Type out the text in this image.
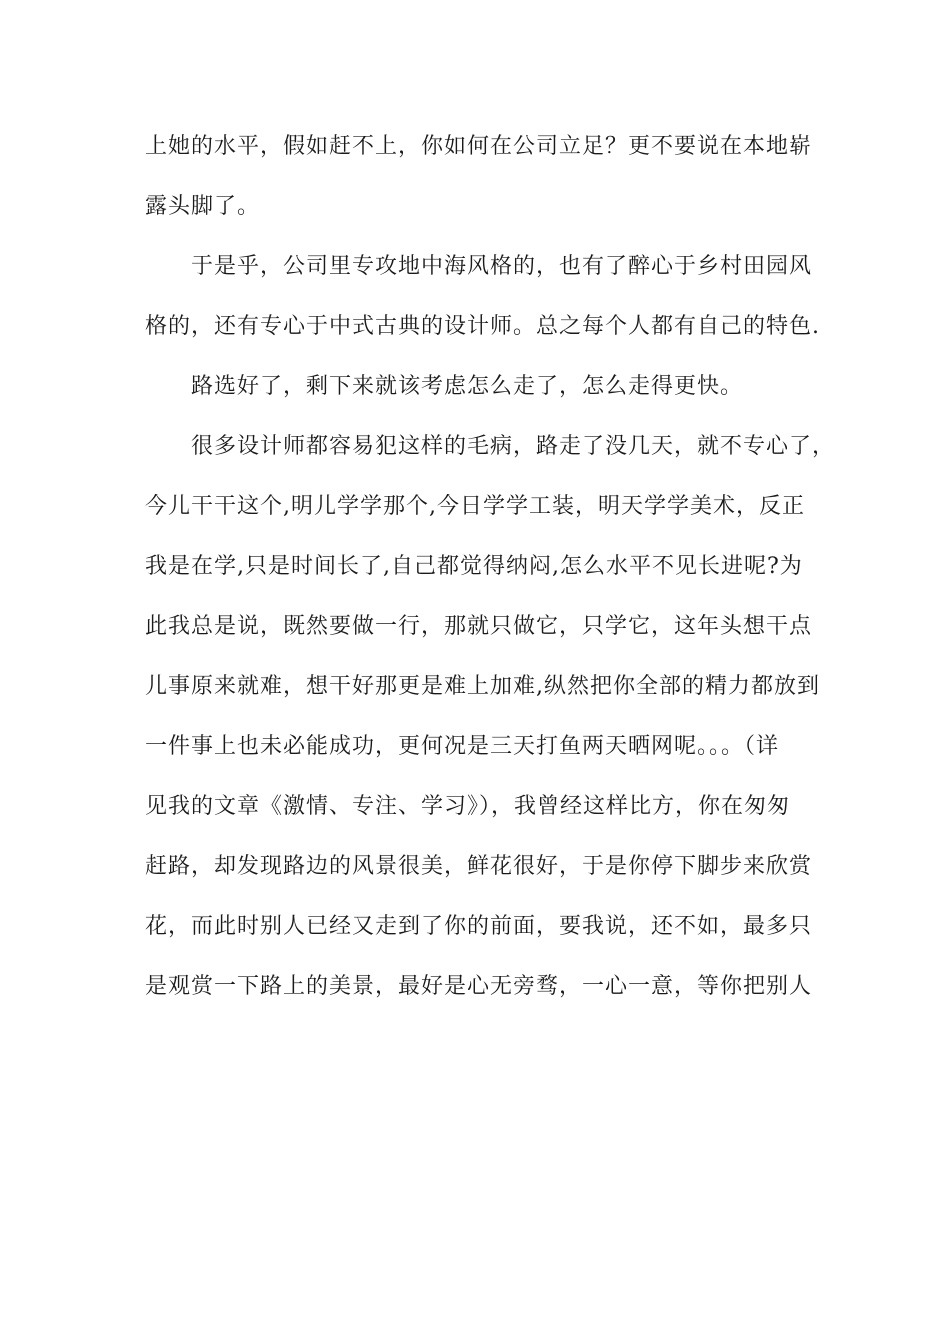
上她的水平，假如赶不上，你如何在公司立足？更不要说在本地崭
露头脚了。
　　于是乎，公司里专攻地中海风格的，也有了醉心于乡村田园风
格的，还有专心于中式古典的设计师。总之每个人都有自己的特色.
　　路选好了，剩下来就该考虑怎么走了，怎么走得更快。
　　很多设计师都容易犯这样的毛病，路走了没几天，就不专心了，
今儿干干这个,明儿学学那个,今日学学工装，明天学学美术，反正
我是在学,只是时间长了,自己都觉得纳闷,怎么水平不见长进呢?为
此我总是说，既然要做一行，那就只做它，只学它，这年头想干点
儿事原来就难，想干好那更是难上加难,纵然把你全部的精力都放到
一件事上也未必能成功，更何况是三天打鱼两天晒网呢。。。（详
见我的文章《激情、专注、学习》），我曾经这样比方，你在匆匆
赶路，却发现路边的风景很美，鲜花很好，于是你停下脚步来欣赏
花，而此时别人已经又走到了你的前面，要我说，还不如，最多只
是观赏一下路上的美景，最好是心无旁骛，一心一意，等你把别人
